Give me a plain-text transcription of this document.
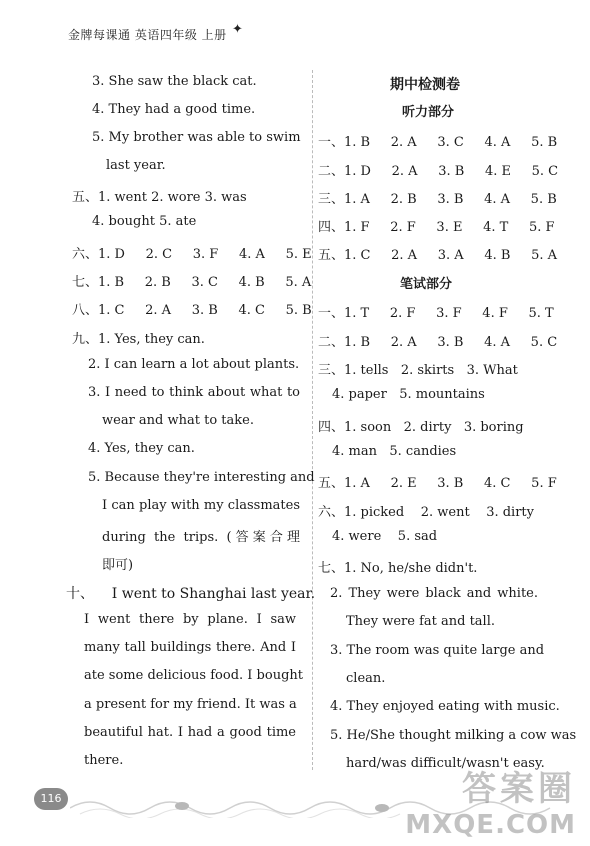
金牌每课通 英语四年级 上册 ✦
3. She saw the black cat.
4. They had a good time.
5. My brother was able to swim
last year.
五、1. went 2. wore 3. was
4. bought 5. ate
六、1. D     2. C     3. F     4. A     5. E
七、1. B     2. B     3. C     4. B     5. A
八、1. C     2. A     3. B     4. C     5. B
九、1. Yes, they can.
2. I can learn a lot about plants.
3. I need to think about what to
wear and what to take.
4. Yes, they can.
5. Because they're interesting and
I can play with my classmates
during the trips. (答案合理
即可)
十、    I went to Shanghai last year.
I went there by plane. I saw
many tall buildings there. And I
ate some delicious food. I bought
a present for my friend. It was a
beautiful hat. I had a good time
there.
期中检测卷
听力部分
一、1. B     2. A     3. C     4. A     5. B
二、1. D     2. A     3. B     4. E     5. C
三、1. A     2. B     3. B     4. A     5. B
四、1. F     2. F     3. E     4. T     5. F
五、1. C     2. A     3. A     4. B     5. A
笔试部分
一、1. T     2. F     3. F     4. F     5. T
二、1. B     2. A     3. B     4. A     5. C
三、1. tells   2. skirts   3. What
4. paper   5. mountains
四、1. soon   2. dirty   3. boring
4. man   5. candies
五、1. A     2. E     3. B     4. C     5. F
六、1. picked    2. went    3. dirty
4. were    5. sad
七、1. No, he/she didn't.
2. They were black and white.
They were fat and tall.
3. The room was quite large and
clean.
4. They enjoyed eating with music.
5. He/She thought milking a cow was
hard/was difficult/wasn't easy.
116	答案圈
MXQE.COM
